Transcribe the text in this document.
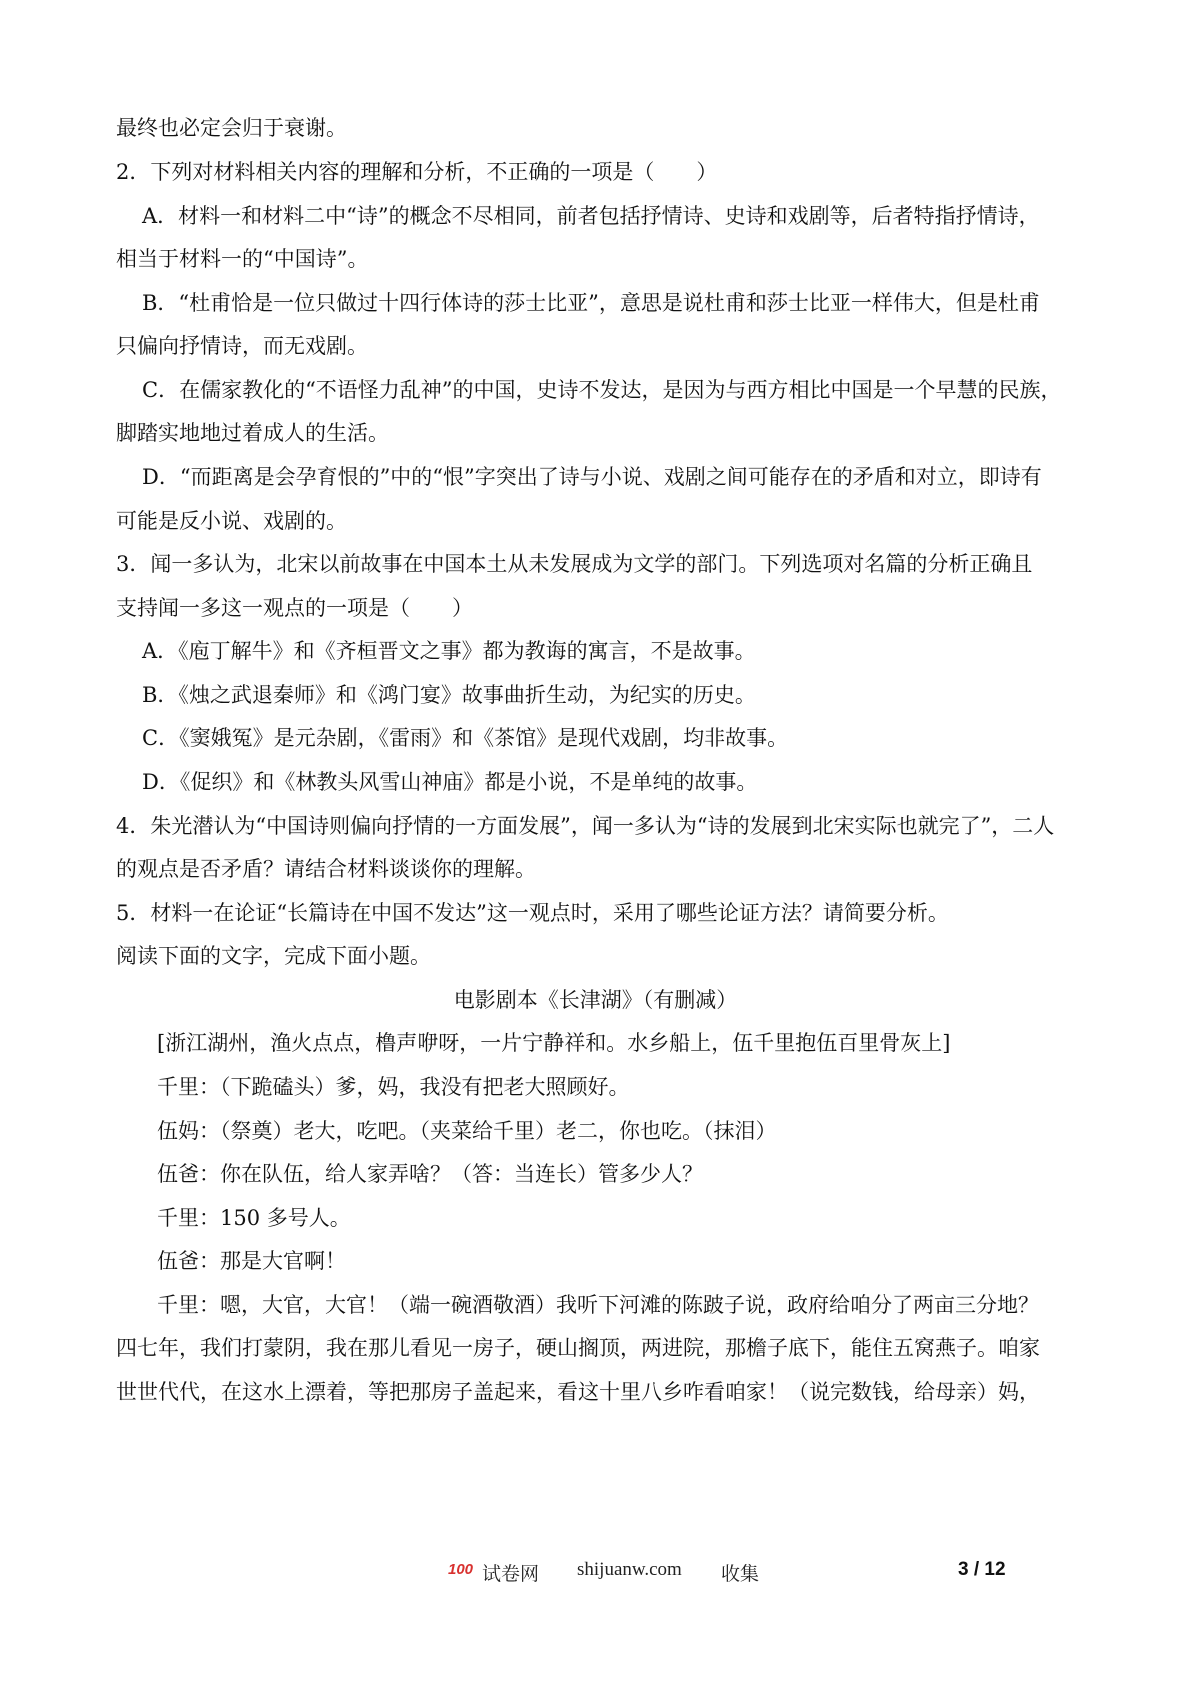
最终也必定会归于衰谢。
2．下列对材料相关内容的理解和分析，不正确的一项是（　　）
A．材料一和材料二中“诗”的概念不尽相同，前者包括抒情诗、史诗和戏剧等，后者特指抒情诗，
相当于材料一的“中国诗”。
B．“杜甫恰是一位只做过十四行体诗的莎士比亚”，意思是说杜甫和莎士比亚一样伟大，但是杜甫
只偏向抒情诗，而无戏剧。
C．在儒家教化的“不语怪力乱神”的中国，史诗不发达，是因为与西方相比中国是一个早慧的民族，
脚踏实地地过着成人的生活。
D．“而距离是会孕育恨的”中的“恨”字突出了诗与小说、戏剧之间可能存在的矛盾和对立，即诗有
可能是反小说、戏剧的。
3．闻一多认为，北宋以前故事在中国本土从未发展成为文学的部门。下列选项对名篇的分析正确且
支持闻一多这一观点的一项是（　　）
A．《庖丁解牛》和《齐桓晋文之事》都为教诲的寓言，不是故事。
B．《烛之武退秦师》和《鸿门宴》故事曲折生动，为纪实的历史。
C．《窦娥冤》是元杂剧，《雷雨》和《茶馆》是现代戏剧，均非故事。
D．《促织》和《林教头风雪山神庙》都是小说，不是单纯的故事。
4．朱光潜认为“中国诗则偏向抒情的一方面发展”，闻一多认为“诗的发展到北宋实际也就完了”，二人
的观点是否矛盾？请结合材料谈谈你的理解。
5．材料一在论证“长篇诗在中国不发达”这一观点时，采用了哪些论证方法？请简要分析。
阅读下面的文字，完成下面小题。
电影剧本《长津湖》（有删减）
[浙江湖州，渔火点点，橹声咿呀，一片宁静祥和。水乡船上，伍千里抱伍百里骨灰上]
千里：（下跪磕头）爹，妈，我没有把老大照顾好。
伍妈：（祭奠）老大，吃吧。（夹菜给千里）老二，你也吃。（抹泪）
伍爸：你在队伍，给人家弄啥？（答：当连长）管多少人？
千里：150 多号人。
伍爸：那是大官啊！
千里：嗯，大官，大官！（端一碗酒敬酒）我听下河滩的陈跛子说，政府给咱分了两亩三分地？
四七年，我们打蒙阴，我在那儿看见一房子，硬山搁顶，两进院，那檐子底下，能住五窝燕子。咱家
世世代代，在这水上漂着，等把那房子盖起来，看这十里八乡咋看咱家！（说完数钱，给母亲）妈，
100 试卷网 shijuanw.com 收集	3 / 12
